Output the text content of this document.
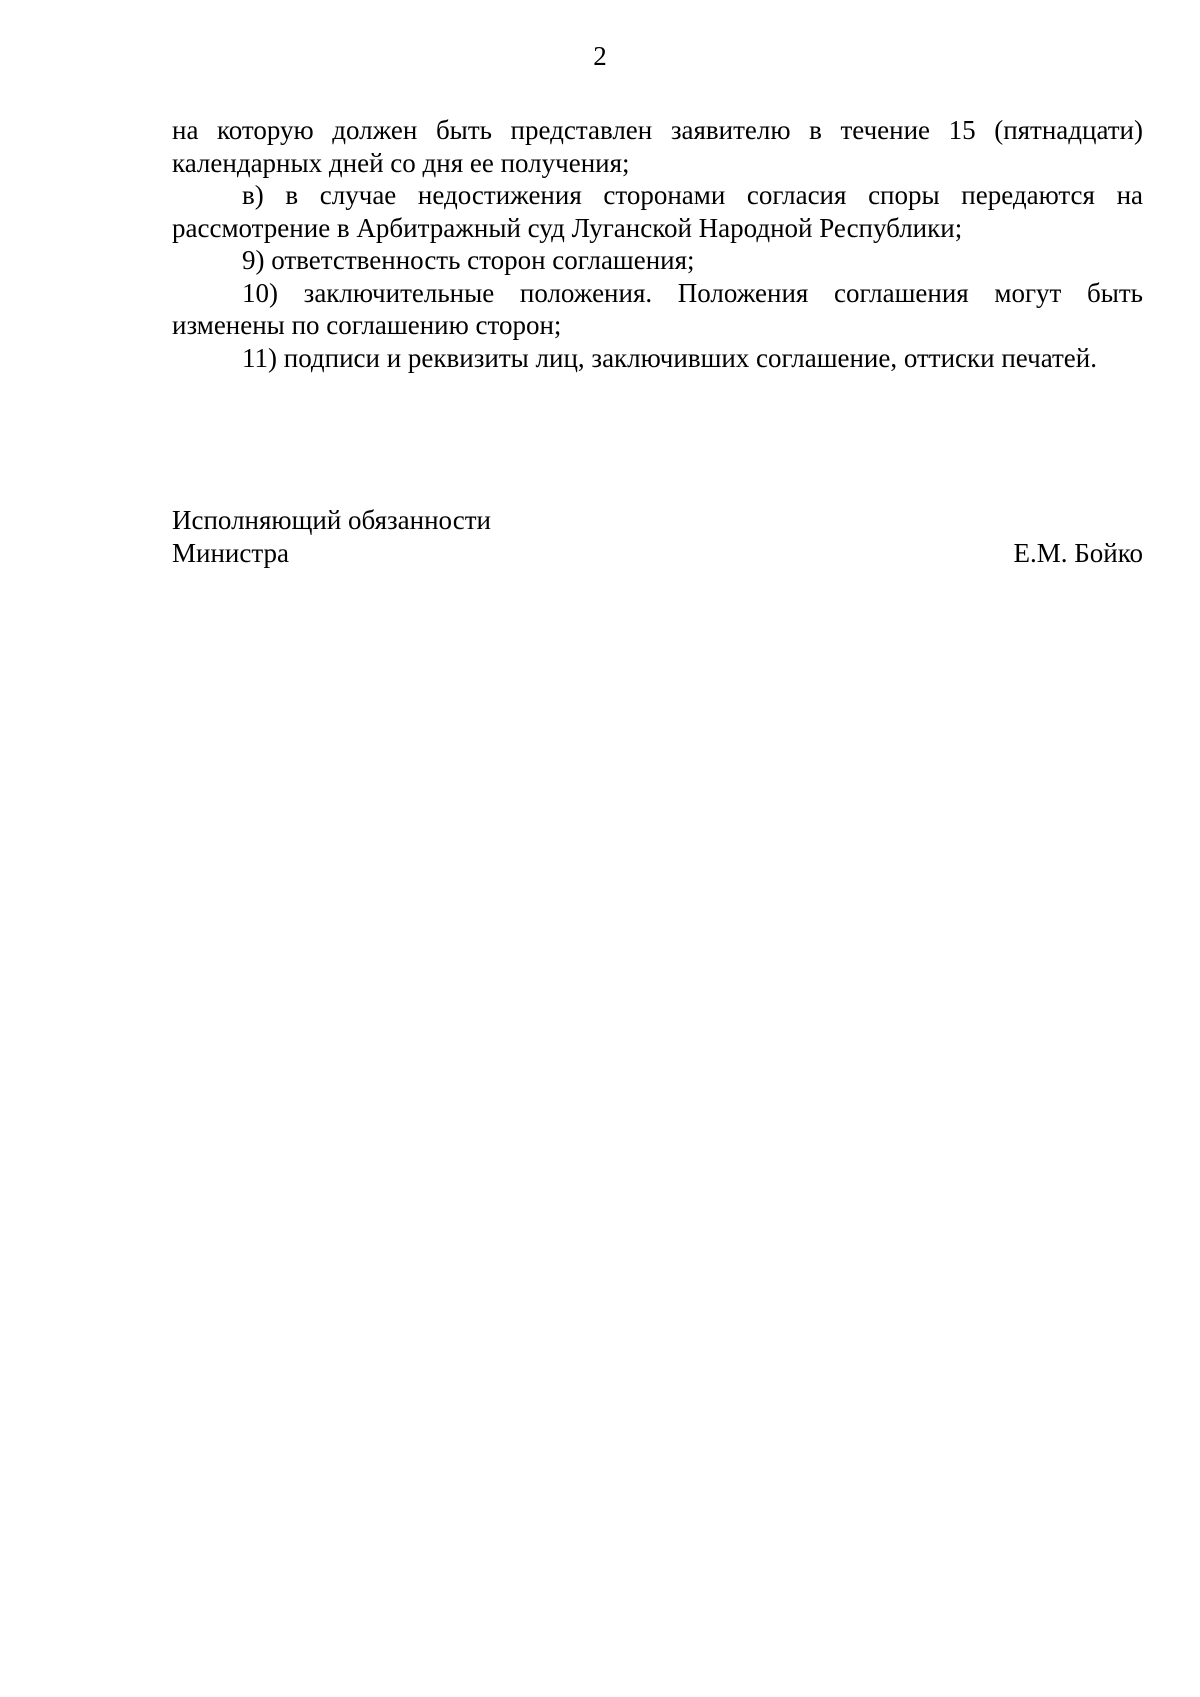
2

на которую должен быть представлен заявителю в течение 15 (пятнадцати) календарных дней со дня ее получения;

в) в случае недостижения сторонами согласия споры передаются на рассмотрение в Арбитражный суд Луганской Народной Республики;

9) ответственность сторон соглашения;

10) заключительные положения. Положения соглашения могут быть изменены по соглашению сторон;

11) подписи и реквизиты лиц, заключивших соглашение, оттиски печатей.

Исполняющий обязанности
Министра	Е.М. Бойко
